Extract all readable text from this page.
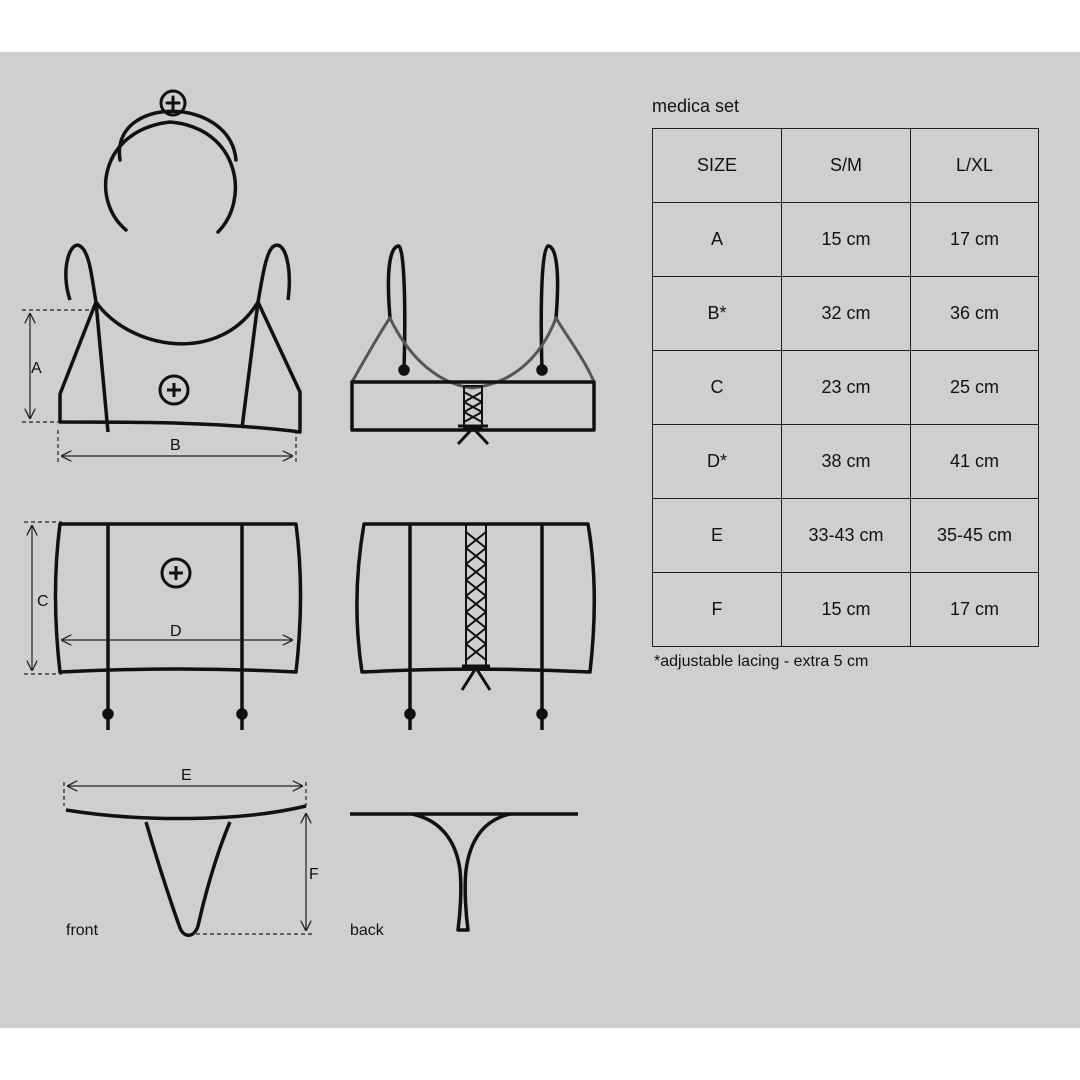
A
B
C
D
E
F
front	back
medica set
SIZE	S/M	L/XL
A	15 cm	17 cm
B*	32 cm	36 cm
C	23 cm	25 cm
D*	38 cm	41 cm
E	33-43 cm	35-45 cm
F	15 cm	17 cm
*adjustable lacing - extra 5 cm
